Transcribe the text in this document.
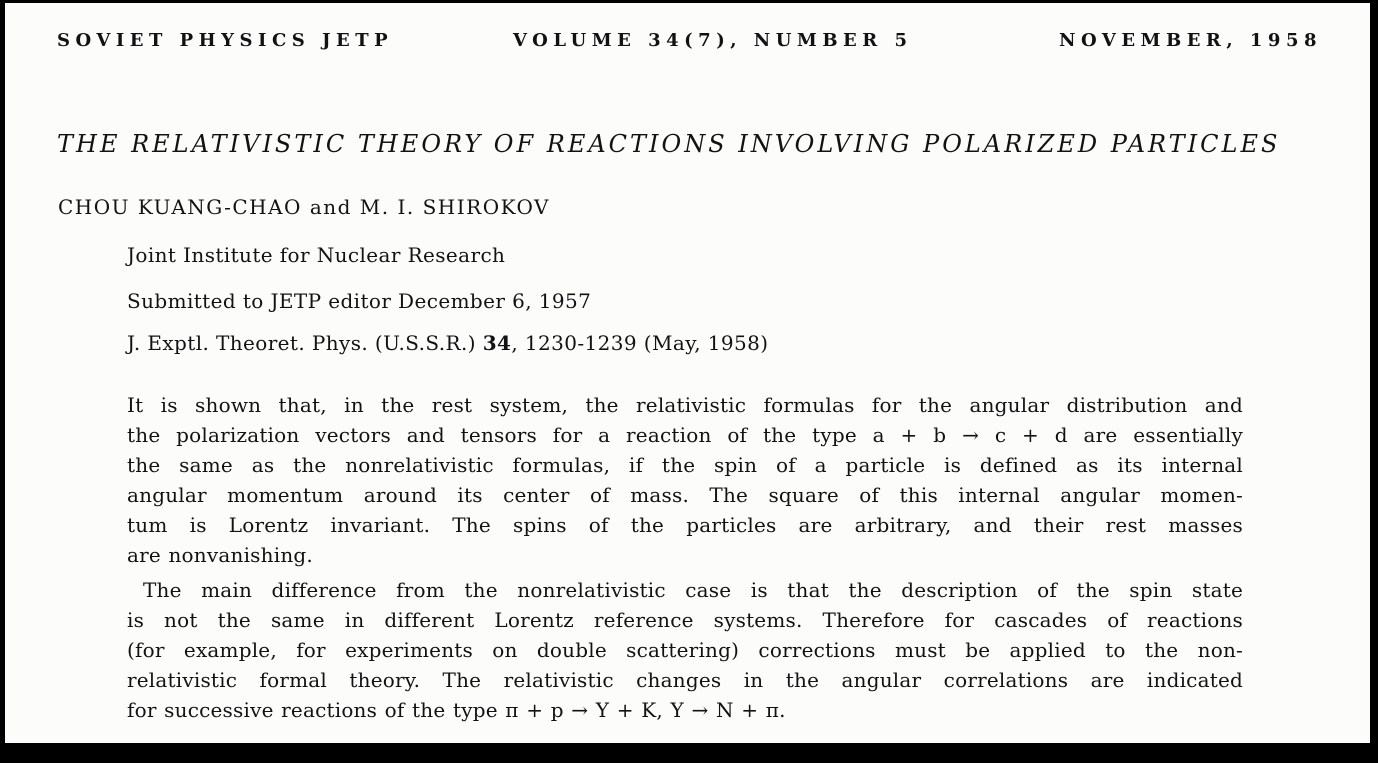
SOVIET PHYSICS JETP	VOLUME 34(7), NUMBER 5	NOVEMBER, 1958
THE RELATIVISTIC THEORY OF REACTIONS INVOLVING POLARIZED PARTICLES
CHOU KUANG-CHAO and M. I. SHIROKOV
Joint Institute for Nuclear Research
Submitted to JETP editor December 6, 1957
J. Exptl. Theoret. Phys. (U.S.S.R.) 34, 1230-1239 (May, 1958)
It is shown that, in the rest system, the relativistic formulas for the angular distribution and
the polarization vectors and tensors for a reaction of the type a + b → c + d are essentially
the same as the nonrelativistic formulas, if the spin of a particle is defined as its internal
angular momentum around its center of mass. The square of this internal angular momen-
tum is Lorentz invariant. The spins of the particles are arbitrary, and their rest masses
are nonvanishing.
The main difference from the nonrelativistic case is that the description of the spin state
is not the same in different Lorentz reference systems. Therefore for cascades of reactions
(for example, for experiments on double scattering) corrections must be applied to the non-
relativistic formal theory. The relativistic changes in the angular correlations are indicated
for successive reactions of the type π + p → Y + K, Y → N + π.
